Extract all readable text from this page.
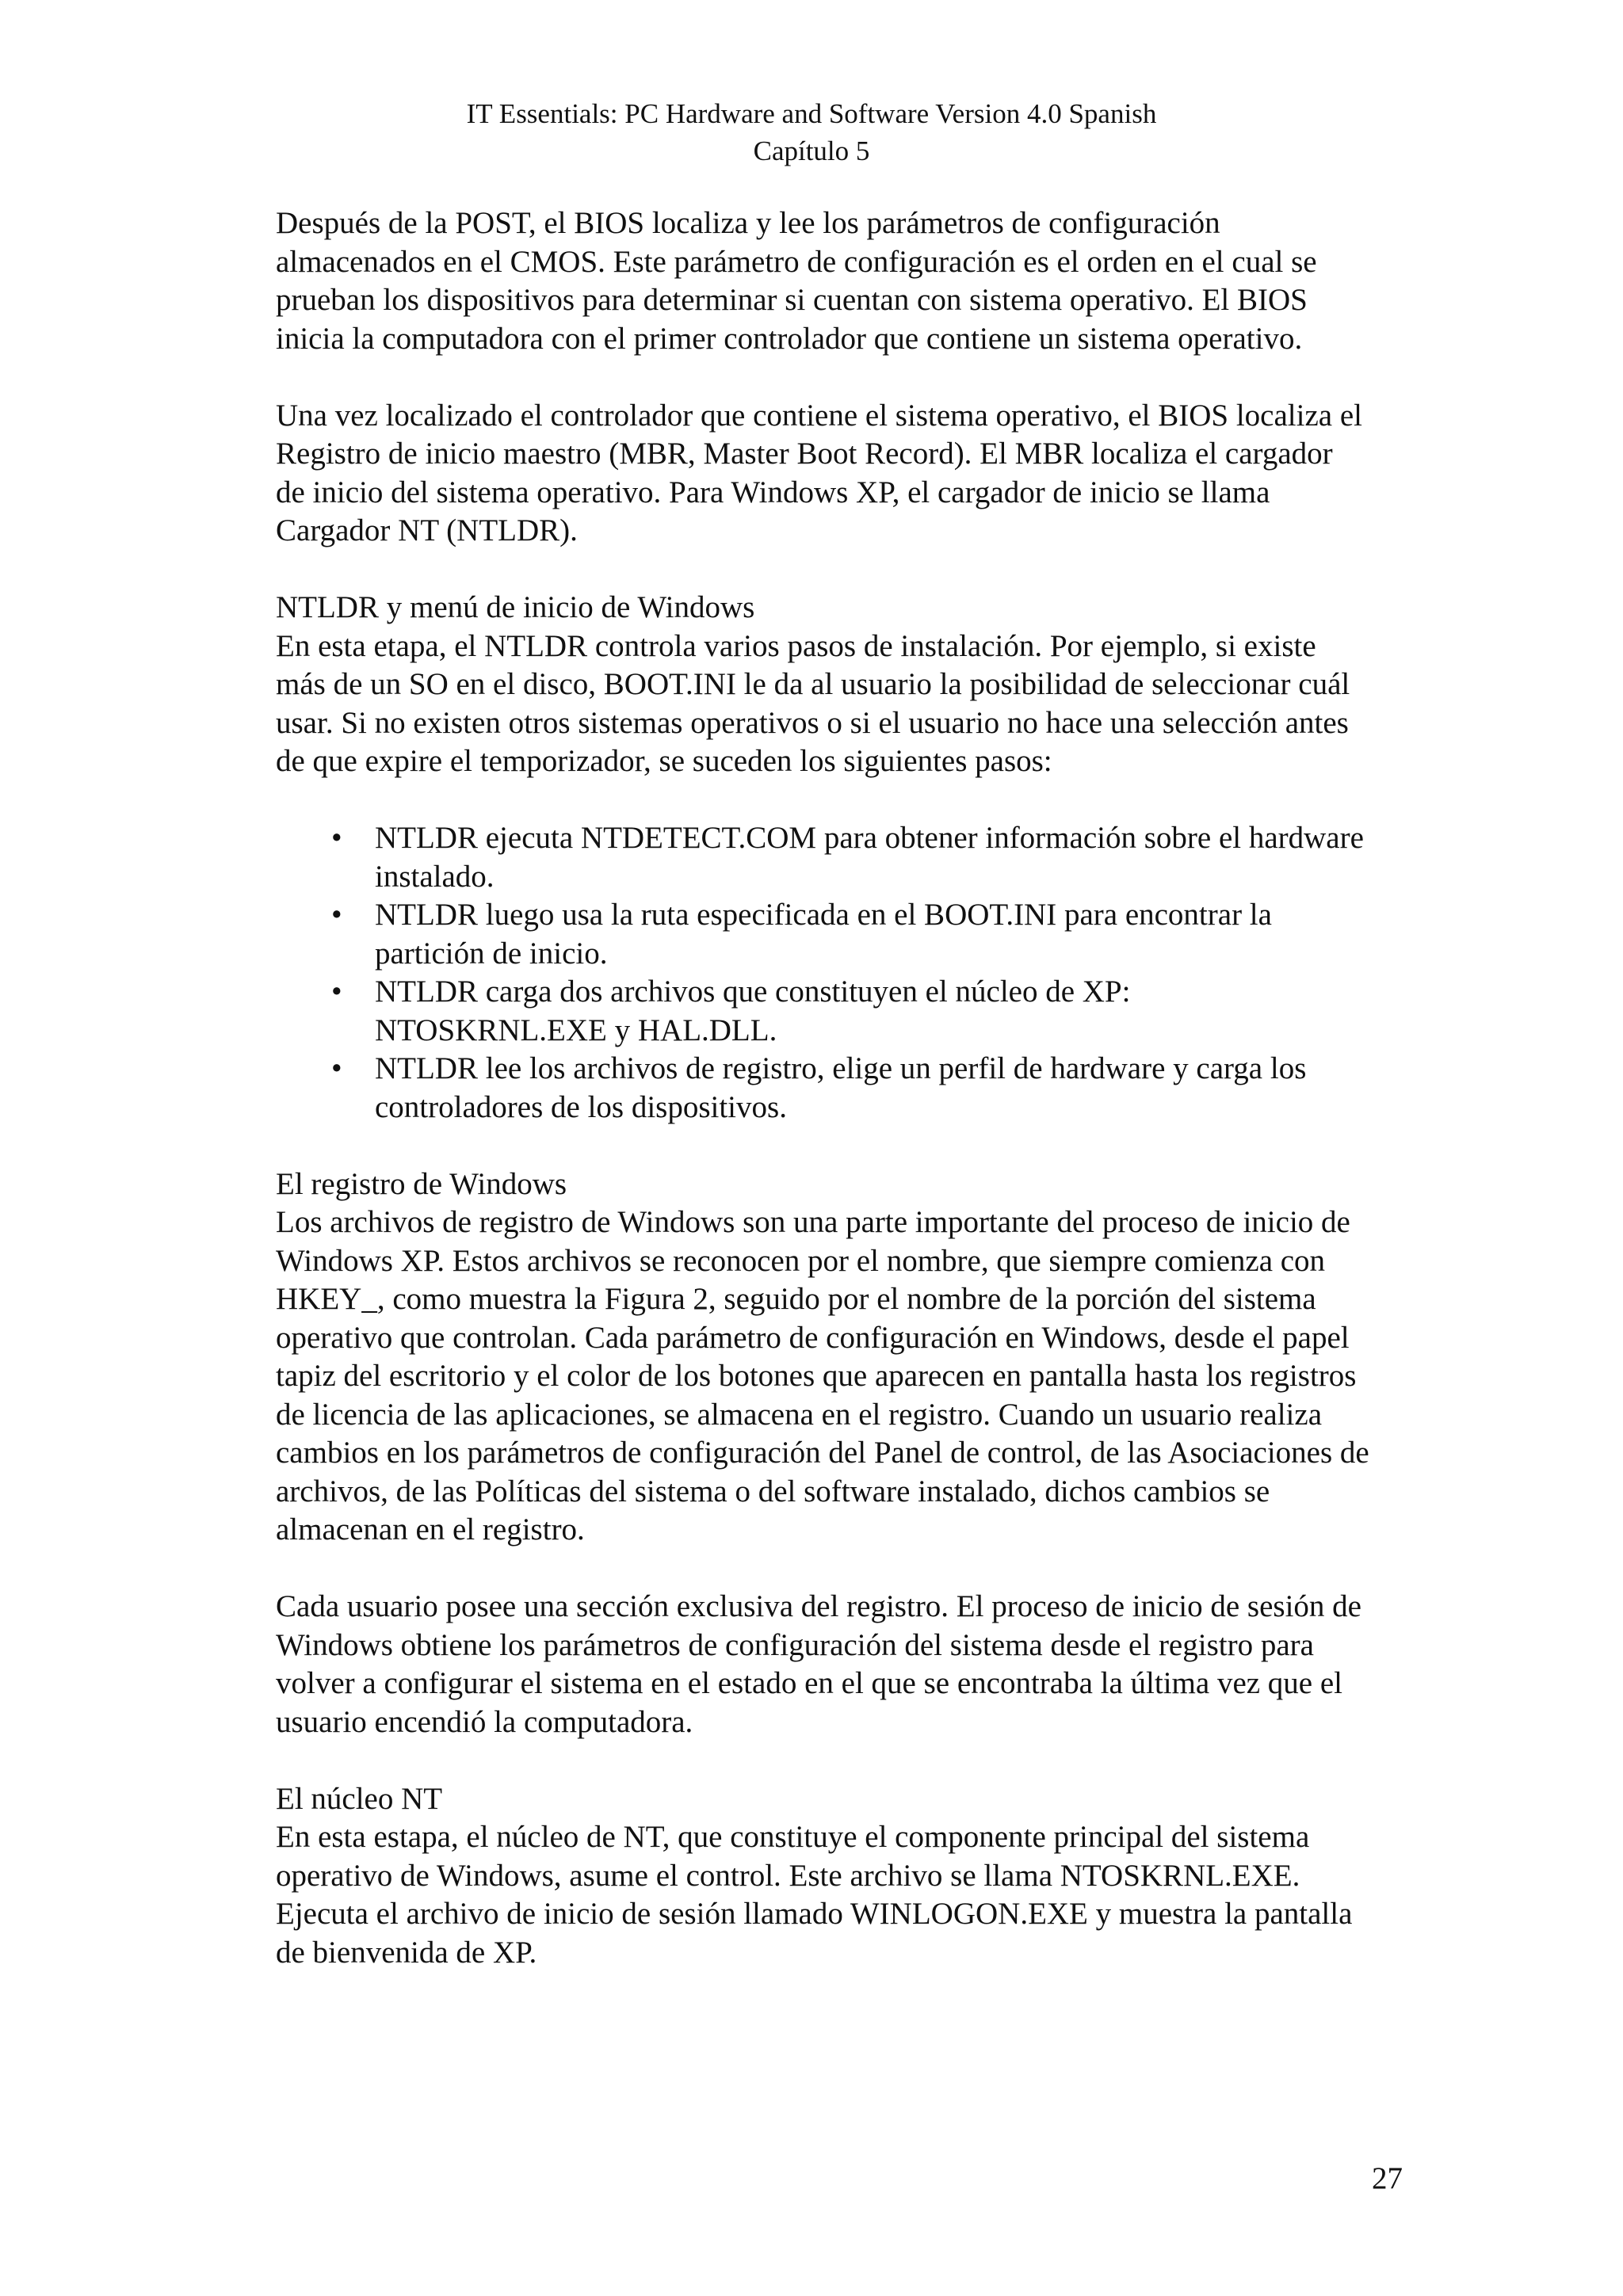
IT Essentials: PC Hardware and Software Version 4.0 Spanish
Capítulo 5

Después de la POST, el BIOS localiza y lee los parámetros de configuración almacenados en el CMOS. Este parámetro de configuración es el orden en el cual se prueban los dispositivos para determinar si cuentan con sistema operativo. El BIOS inicia la computadora con el primer controlador que contiene un sistema operativo.

Una vez localizado el controlador que contiene el sistema operativo, el BIOS localiza el Registro de inicio maestro (MBR, Master Boot Record). El MBR localiza el cargador de inicio del sistema operativo. Para Windows XP, el cargador de inicio se llama Cargador NT (NTLDR).

NTLDR y menú de inicio de Windows

En esta etapa, el NTLDR controla varios pasos de instalación. Por ejemplo, si existe más de un SO en el disco, BOOT.INI le da al usuario la posibilidad de seleccionar cuál usar. Si no existen otros sistemas operativos o si el usuario no hace una selección antes de que expire el temporizador, se suceden los siguientes pasos:

• NTLDR ejecuta NTDETECT.COM para obtener información sobre el hardware instalado.
• NTLDR luego usa la ruta especificada en el BOOT.INI para encontrar la partición de inicio.
• NTLDR carga dos archivos que constituyen el núcleo de XP: NTOSKRNL.EXE y HAL.DLL.
• NTLDR lee los archivos de registro, elige un perfil de hardware y carga los controladores de los dispositivos.
El registro de Windows

Los archivos de registro de Windows son una parte importante del proceso de inicio de Windows XP. Estos archivos se reconocen por el nombre, que siempre comienza con HKEY_, como muestra la Figura 2, seguido por el nombre de la porción del sistema operativo que controlan. Cada parámetro de configuración en Windows, desde el papel tapiz del escritorio y el color de los botones que aparecen en pantalla hasta los registros de licencia de las aplicaciones, se almacena en el registro. Cuando un usuario realiza cambios en los parámetros de configuración del Panel de control, de las Asociaciones de archivos, de las Políticas del sistema o del software instalado, dichos cambios se almacenan en el registro.

Cada usuario posee una sección exclusiva del registro. El proceso de inicio de sesión de Windows obtiene los parámetros de configuración del sistema desde el registro para volver a configurar el sistema en el estado en el que se encontraba la última vez que el usuario encendió la computadora.

El núcleo NT

En esta estapa, el núcleo de NT, que constituye el componente principal del sistema operativo de Windows, asume el control. Este archivo se llama NTOSKRNL.EXE. Ejecuta el archivo de inicio de sesión llamado WINLOGON.EXE y muestra la pantalla de bienvenida de XP.

27
